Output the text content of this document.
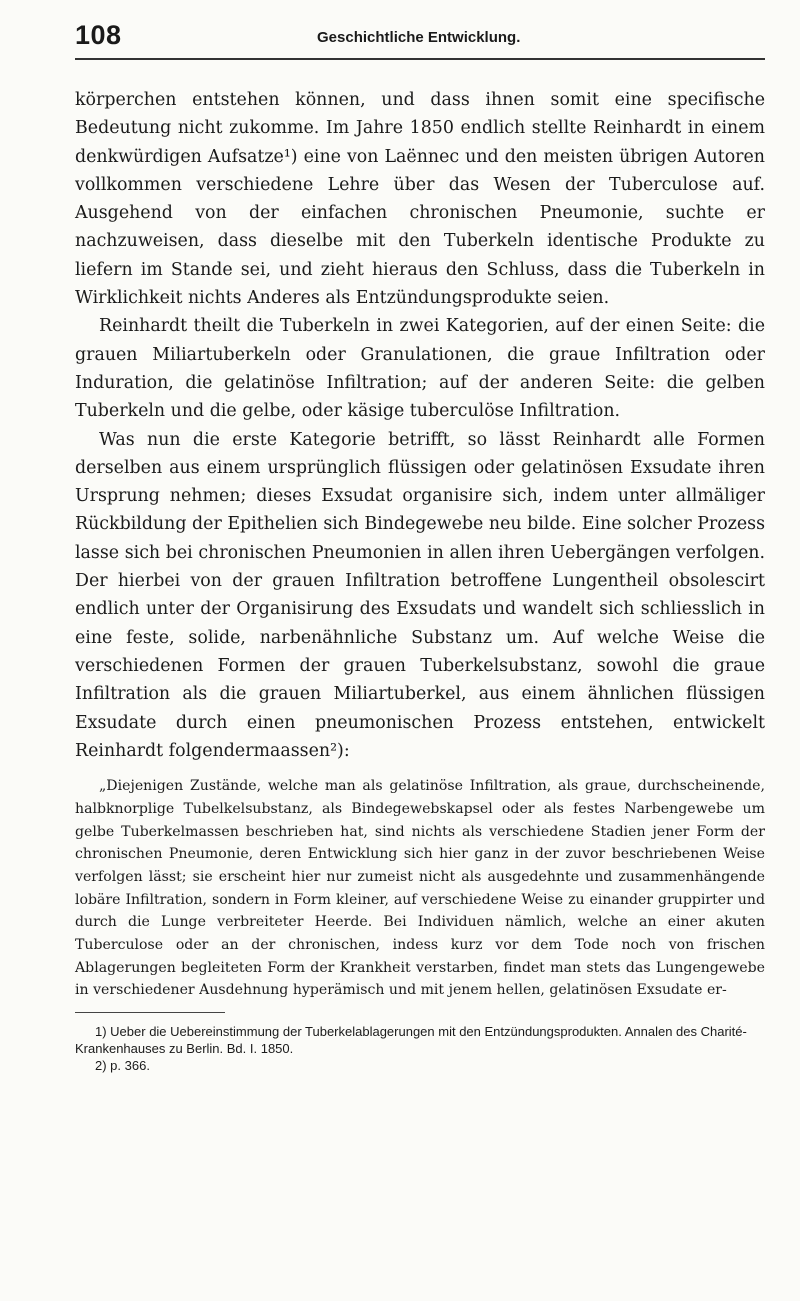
108	Geschichtliche Entwicklung.

körperchen entstehen können, und dass ihnen somit eine specifische Bedeutung nicht zukomme. Im Jahre 1850 endlich stellte Reinhardt in einem denkwürdigen Aufsatze¹) eine von Laënnec und den meisten übrigen Autoren vollkommen verschiedene Lehre über das Wesen der Tuberculose auf. Ausgehend von der einfachen chronischen Pneumonie, suchte er nachzuweisen, dass dieselbe mit den Tuberkeln identische Produkte zu liefern im Stande sei, und zieht hieraus den Schluss, dass die Tuberkeln in Wirklichkeit nichts Anderes als Entzündungsprodukte seien.

Reinhardt theilt die Tuberkeln in zwei Kategorien, auf der einen Seite: die grauen Miliartuberkeln oder Granulationen, die graue Infiltration oder Induration, die gelatinöse Infiltration; auf der anderen Seite: die gelben Tuberkeln und die gelbe, oder käsige tuberculöse Infiltration.

Was nun die erste Kategorie betrifft, so lässt Reinhardt alle Formen derselben aus einem ursprünglich flüssigen oder gelatinösen Exsudate ihren Ursprung nehmen; dieses Exsudat organisire sich, indem unter allmäliger Rückbildung der Epithelien sich Bindegewebe neu bilde. Eine solcher Prozess lasse sich bei chronischen Pneumonien in allen ihren Uebergängen verfolgen. Der hierbei von der grauen Infiltration betroffene Lungentheil obsolescirt endlich unter der Organisirung des Exsudats und wandelt sich schliesslich in eine feste, solide, narbenähnliche Substanz um. Auf welche Weise die verschiedenen Formen der grauen Tuberkelsubstanz, sowohl die graue Infiltration als die grauen Miliartuberkel, aus einem ähnlichen flüssigen Exsudate durch einen pneumonischen Prozess entstehen, entwickelt Reinhardt folgendermaassen²):

„Diejenigen Zustände, welche man als gelatinöse Infiltration, als graue, durchscheinende, halbknorplige Tubelkelsubstanz, als Bindegewebskapsel oder als festes Narbengewebe um gelbe Tuberkelmassen beschrieben hat, sind nichts als verschiedene Stadien jener Form der chronischen Pneumonie, deren Entwicklung sich hier ganz in der zuvor beschriebenen Weise verfolgen lässt; sie erscheint hier nur zumeist nicht als ausgedehnte und zusammenhängende lobäre Infiltration, sondern in Form kleiner, auf verschiedene Weise zu einander gruppirter und durch die Lunge verbreiteter Heerde. Bei Individuen nämlich, welche an einer akuten Tuberculose oder an der chronischen, indess kurz vor dem Tode noch von frischen Ablagerungen begleiteten Form der Krankheit verstarben, findet man stets das Lungengewebe in verschiedener Ausdehnung hyperämisch und mit jenem hellen, gelatinösen Exsudate er-

1) Ueber die Uebereinstimmung der Tuberkelablagerungen mit den Entzündungsprodukten. Annalen des Charité-Krankenhauses zu Berlin. Bd. I. 1850.

2) p. 366.
